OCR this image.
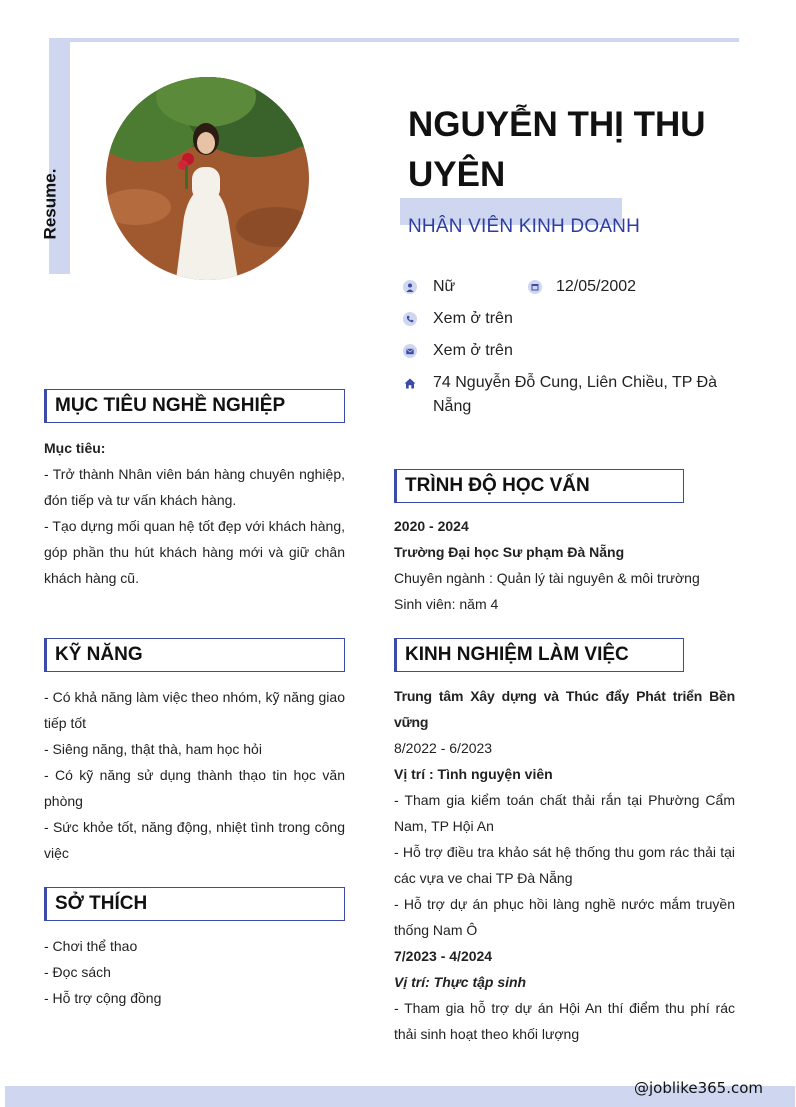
Resume.
NGUYỄN THỊ THU UYÊN
NHÂN VIÊN KINH DOANH
Nữ	12/05/2002
Xem ở trên
Xem ở trên
74 Nguyễn Đỗ Cung, Liên Chiều, TP Đà Nẵng
MỤC TIÊU NGHỀ NGHIỆP

Mục tiêu:

- Trở thành Nhân viên bán hàng chuyên nghiệp, đón tiếp và tư vấn khách hàng.

- Tạo dựng mối quan hệ tốt đẹp với khách hàng, góp phần thu hút khách hàng mới và giữ chân khách hàng cũ.

TRÌNH ĐỘ HỌC VẤN

2020 - 2024

Trường Đại học Sư phạm Đà Nẵng

Chuyên ngành : Quản lý tài nguyên & môi trường

Sinh viên: năm 4

KỸ NĂNG

- Có khả năng làm việc theo nhóm, kỹ năng giao tiếp tốt

- Siêng năng, thật thà, ham học hỏi

- Có kỹ năng sử dụng thành thạo tin học văn phòng

- Sức khỏe tốt, năng động, nhiệt tình trong công việc

KINH NGHIỆM LÀM VIỆC

Trung tâm Xây dựng và Thúc đẩy Phát triển Bền vững

8/2022 - 6/2023

Vị trí : Tình nguyện viên

- Tham gia kiểm toán chất thải rắn tại Phường Cẩm Nam, TP Hội An

- Hỗ trợ điều tra khảo sát hệ thống thu gom rác thải tại các vựa ve chai TP Đà Nẵng

- Hỗ trợ dự án phục hồi làng nghề nước mắm truyền thống Nam Ô

7/2023 - 4/2024

Vị trí: Thực tập sinh

- Tham gia hỗ trợ dự án Hội An thí điểm thu phí rác thải sinh hoạt theo khối lượng

SỞ THÍCH

- Chơi thể thao

- Đọc sách

- Hỗ trợ cộng đồng

@joblike365.com
